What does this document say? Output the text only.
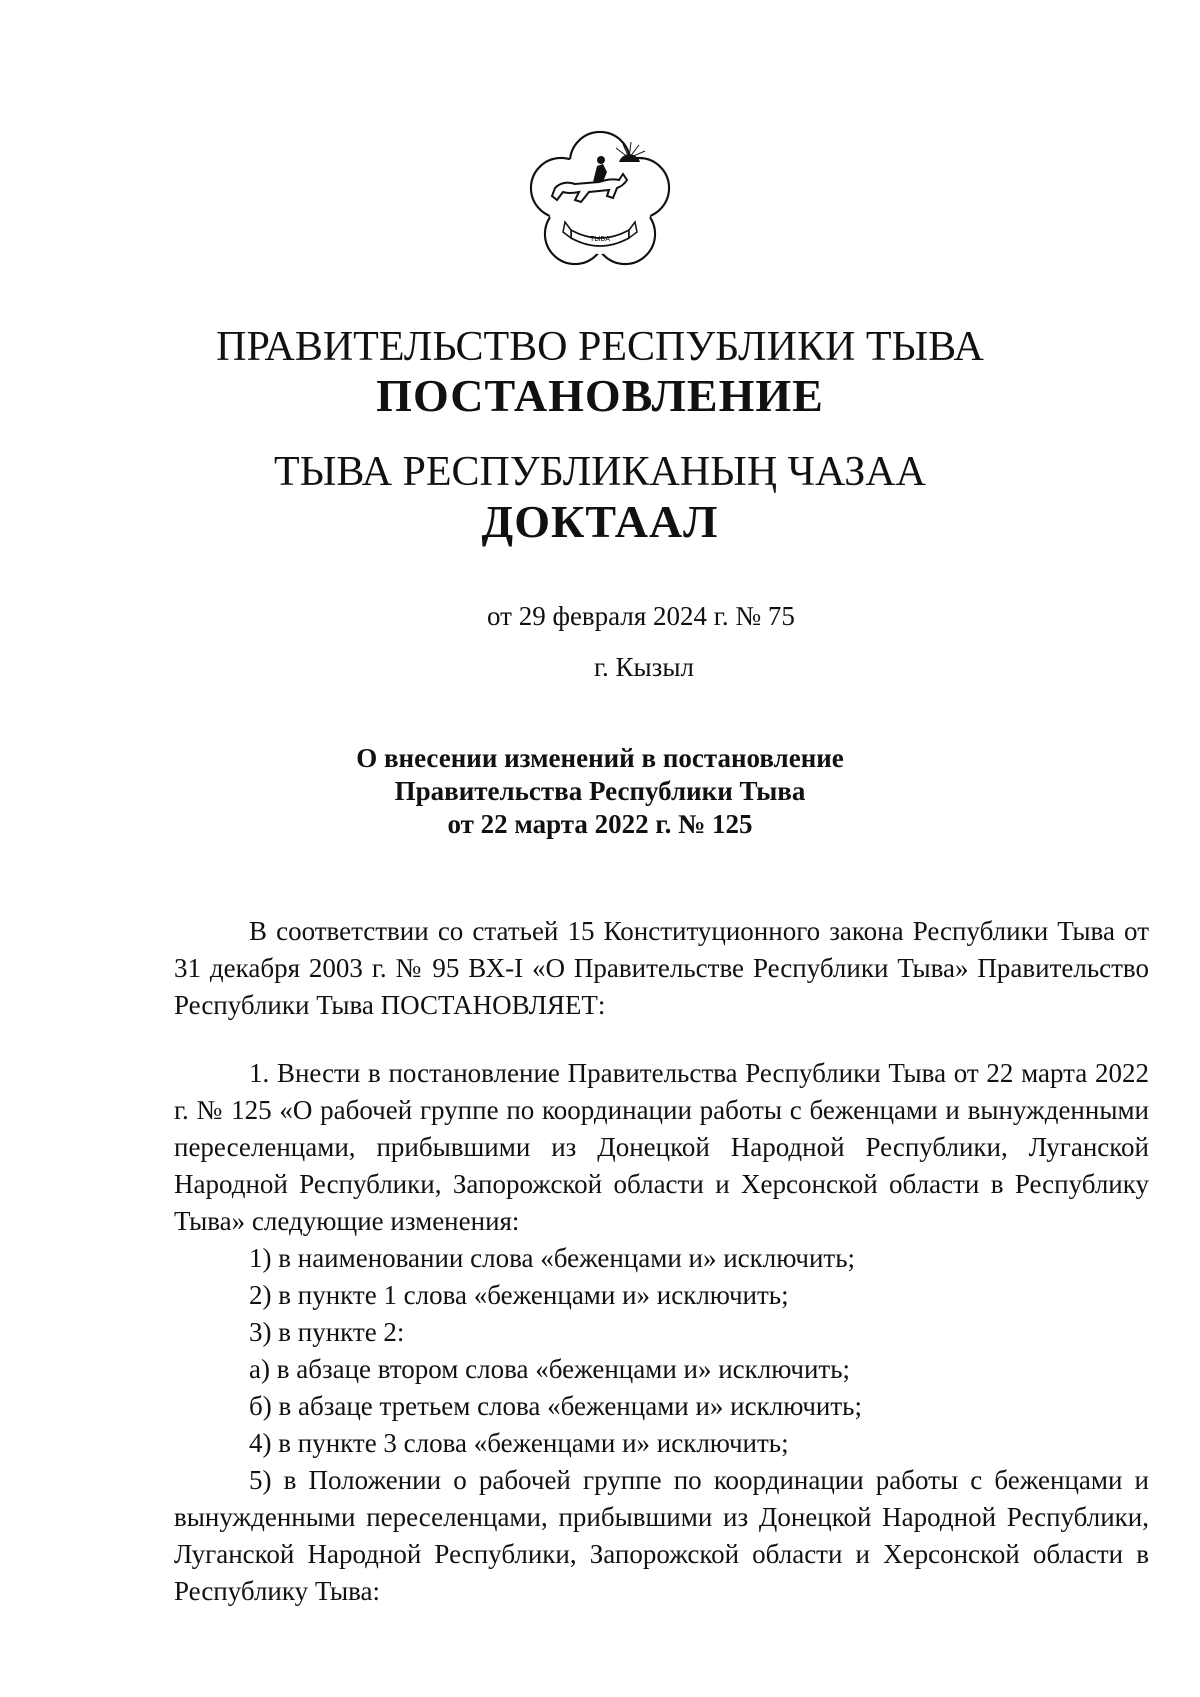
ТЫВА
ПРАВИТЕЛЬСТВО РЕСПУБЛИКИ ТЫВА
ПОСТАНОВЛЕНИЕ
ТЫВА РЕСПУБЛИКАНЫҢ ЧАЗАА
ДОКТААЛ
от 29 февраля 2024 г. № 75
г. Кызыл
О внесении изменений в постановление
Правительства Республики Тыва
от 22 марта 2022 г. № 125
В соответствии со статьей 15 Конституционного закона Республики Тыва от 31 декабря 2003 г. № 95 ВХ-I «О Правительстве Республики Тыва» Правительство Республики Тыва ПОСТАНОВЛЯЕТ:
1. Внести в постановление Правительства Республики Тыва от 22 марта 2022 г. № 125 «О рабочей группе по координации работы с беженцами и вынужденными переселенцами, прибывшими из Донецкой Народной Республики, Луганской Народной Республики, Запорожской области и Херсонской области в Республику Тыва» следующие изменения:
1) в наименовании слова «беженцами и» исключить;
2) в пункте 1 слова «беженцами и» исключить;
3) в пункте 2:
а) в абзаце втором слова «беженцами и» исключить;
б) в абзаце третьем слова «беженцами и» исключить;
4) в пункте 3 слова «беженцами и» исключить;
5) в Положении о рабочей группе по координации работы с беженцами и вынужденными переселенцами, прибывшими из Донецкой Народной Республики, Луганской Народной Республики, Запорожской области и Херсонской области в Республику Тыва:
